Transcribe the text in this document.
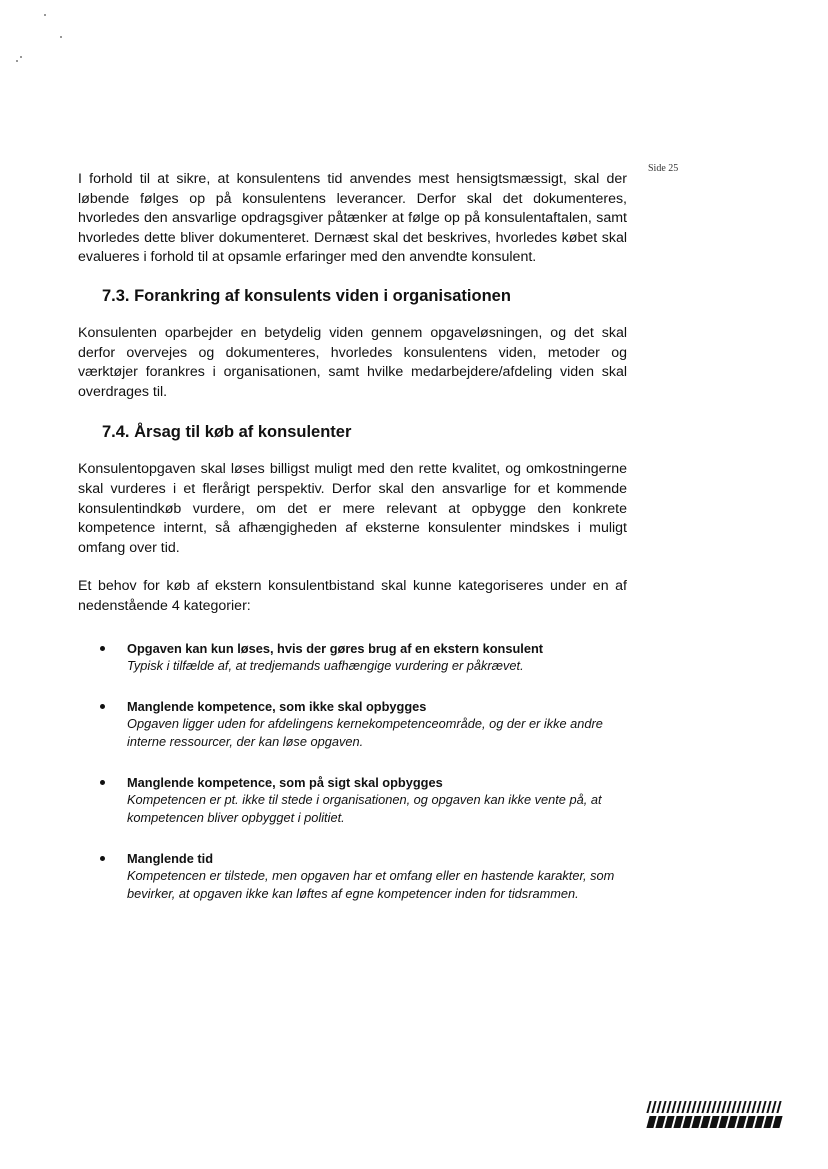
Side 25

I forhold til at sikre, at konsulentens tid anvendes mest hensigtsmæssigt, skal der løbende følges op på konsulentens leverancer. Derfor skal det dokumenteres, hvorledes den ansvarlige opdragsgiver påtænker at følge op på konsulentaftalen, samt hvorledes dette bliver dokumenteret. Dernæst skal det beskrives, hvorledes købet skal evalueres i forhold til at opsamle erfaringer med den anvendte konsulent.

7.3. Forankring af konsulents viden i organisationen

Konsulenten oparbejder en betydelig viden gennem opgaveløsningen, og det skal derfor overvejes og dokumenteres, hvorledes konsulentens viden, metoder og værktøjer forankres i organisationen, samt hvilke medarbejdere/afdeling viden skal overdrages til.

7.4. Årsag til køb af konsulenter

Konsulentopgaven skal løses billigst muligt med den rette kvalitet, og omkostningerne skal vurderes i et flerårigt perspektiv. Derfor skal den ansvarlige for et kommende konsulentindkøb vurdere, om det er mere relevant at opbygge den konkrete kompetence internt, så afhængigheden af eksterne konsulenter mindskes i muligt omfang over tid.

Et behov for køb af ekstern konsulentbistand skal kunne kategoriseres under en af nedenstående 4 kategorier:

Opgaven kan kun løses, hvis der gøres brug af en ekstern konsulent
Typisk i tilfælde af, at tredjemands uafhængige vurdering er påkrævet.
Manglende kompetence, som ikke skal opbygges
Opgaven ligger uden for afdelingens kernekompetenceområde, og der er ikke andre interne ressourcer, der kan løse opgaven.
Manglende kompetence, som på sigt skal opbygges
Kompetencen er pt. ikke til stede i organisationen, og opgaven kan ikke vente på, at kompetencen bliver opbygget i politiet.
Manglende tid
Kompetencen er tilstede, men opgaven har et omfang eller en hastende karakter, som bevirker, at opgaven ikke kan løftes af egne kompetencer inden for tidsrammen.
